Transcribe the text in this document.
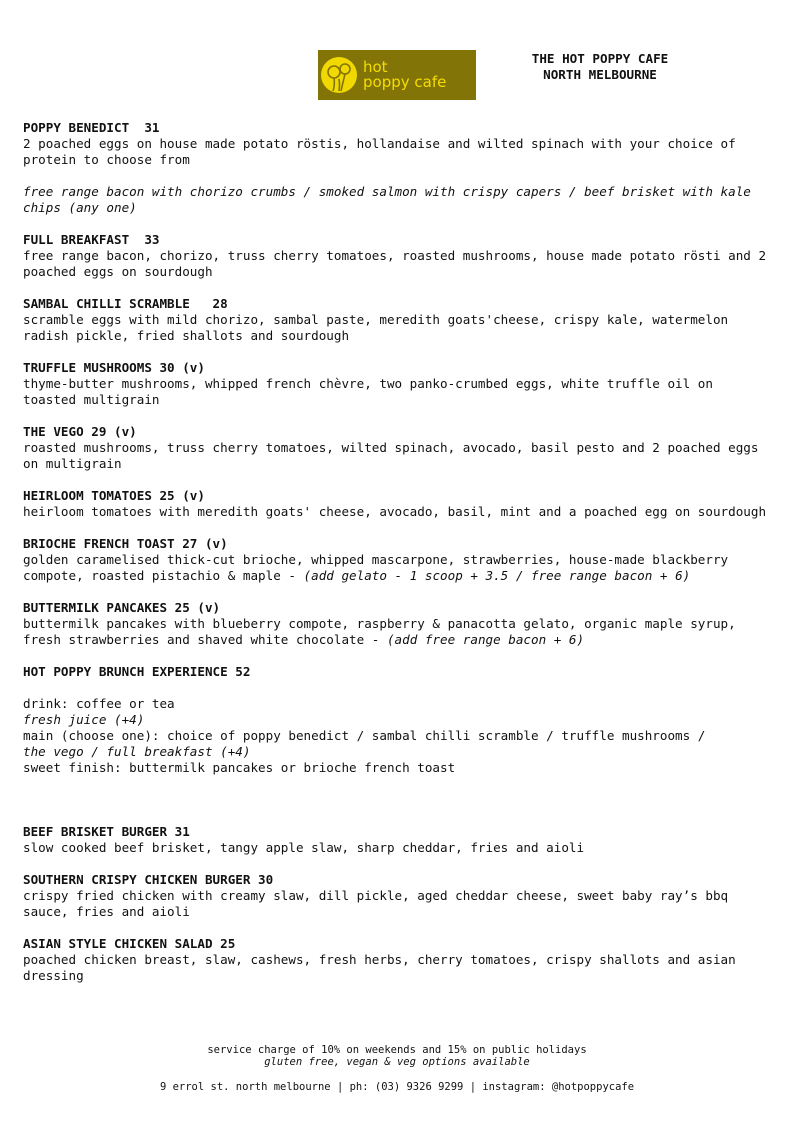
hot
poppy cafe
THE HOT POPPY CAFE
NORTH MELBOURNE
POPPY BENEDICT  31
2 poached eggs on house made potato röstis, hollandaise and wilted spinach with your choice of protein to choose from
free range bacon with chorizo crumbs / smoked salmon with crispy capers / beef brisket with kale chips (any one)
FULL BREAKFAST  33
free range bacon, chorizo, truss cherry tomatoes, roasted mushrooms, house made potato rösti and 2 poached eggs on sourdough
SAMBAL CHILLI SCRAMBLE   28
scramble eggs with mild chorizo, sambal paste, meredith goats'cheese, crispy kale, watermelon radish pickle, fried shallots and sourdough
TRUFFLE MUSHROOMS 30 (v)
thyme-butter mushrooms, whipped french chèvre, two panko-crumbed eggs, white truffle oil on toasted multigrain
THE VEGO 29 (v)
roasted mushrooms, truss cherry tomatoes, wilted spinach, avocado, basil pesto and 2 poached eggs on multigrain
HEIRLOOM TOMATOES 25 (v)
heirloom tomatoes with meredith goats' cheese, avocado, basil, mint and a poached egg on sourdough
BRIOCHE FRENCH TOAST 27 (v)
golden caramelised thick-cut brioche, whipped mascarpone, strawberries, house-made blackberry compote, roasted pistachio & maple - (add gelato - 1 scoop + 3.5 / free range bacon + 6)
BUTTERMILK PANCAKES 25 (v)
buttermilk pancakes with blueberry compote, raspberry & panacotta gelato, organic maple syrup, fresh strawberries and shaved white chocolate - (add free range bacon + 6)
HOT POPPY BRUNCH EXPERIENCE 52
drink: coffee or tea
fresh juice (+4)
main (choose one): choice of poppy benedict / sambal chilli scramble / truffle mushrooms /
the vego / full breakfast (+4)
sweet finish: buttermilk pancakes or brioche french toast
BEEF BRISKET BURGER 31
slow cooked beef brisket, tangy apple slaw, sharp cheddar, fries and aioli
SOUTHERN CRISPY CHICKEN BURGER 30
crispy fried chicken with creamy slaw, dill pickle, aged cheddar cheese, sweet baby ray’s bbq sauce, fries and aioli
ASIAN STYLE CHICKEN SALAD 25
poached chicken breast, slaw, cashews, fresh herbs, cherry tomatoes, crispy shallots and asian dressing
service charge of 10% on weekends and 15% on public holidays
gluten free, vegan & veg options available
9 errol st. north melbourne | ph: (03) 9326 9299 | instagram: @hotpoppycafe
